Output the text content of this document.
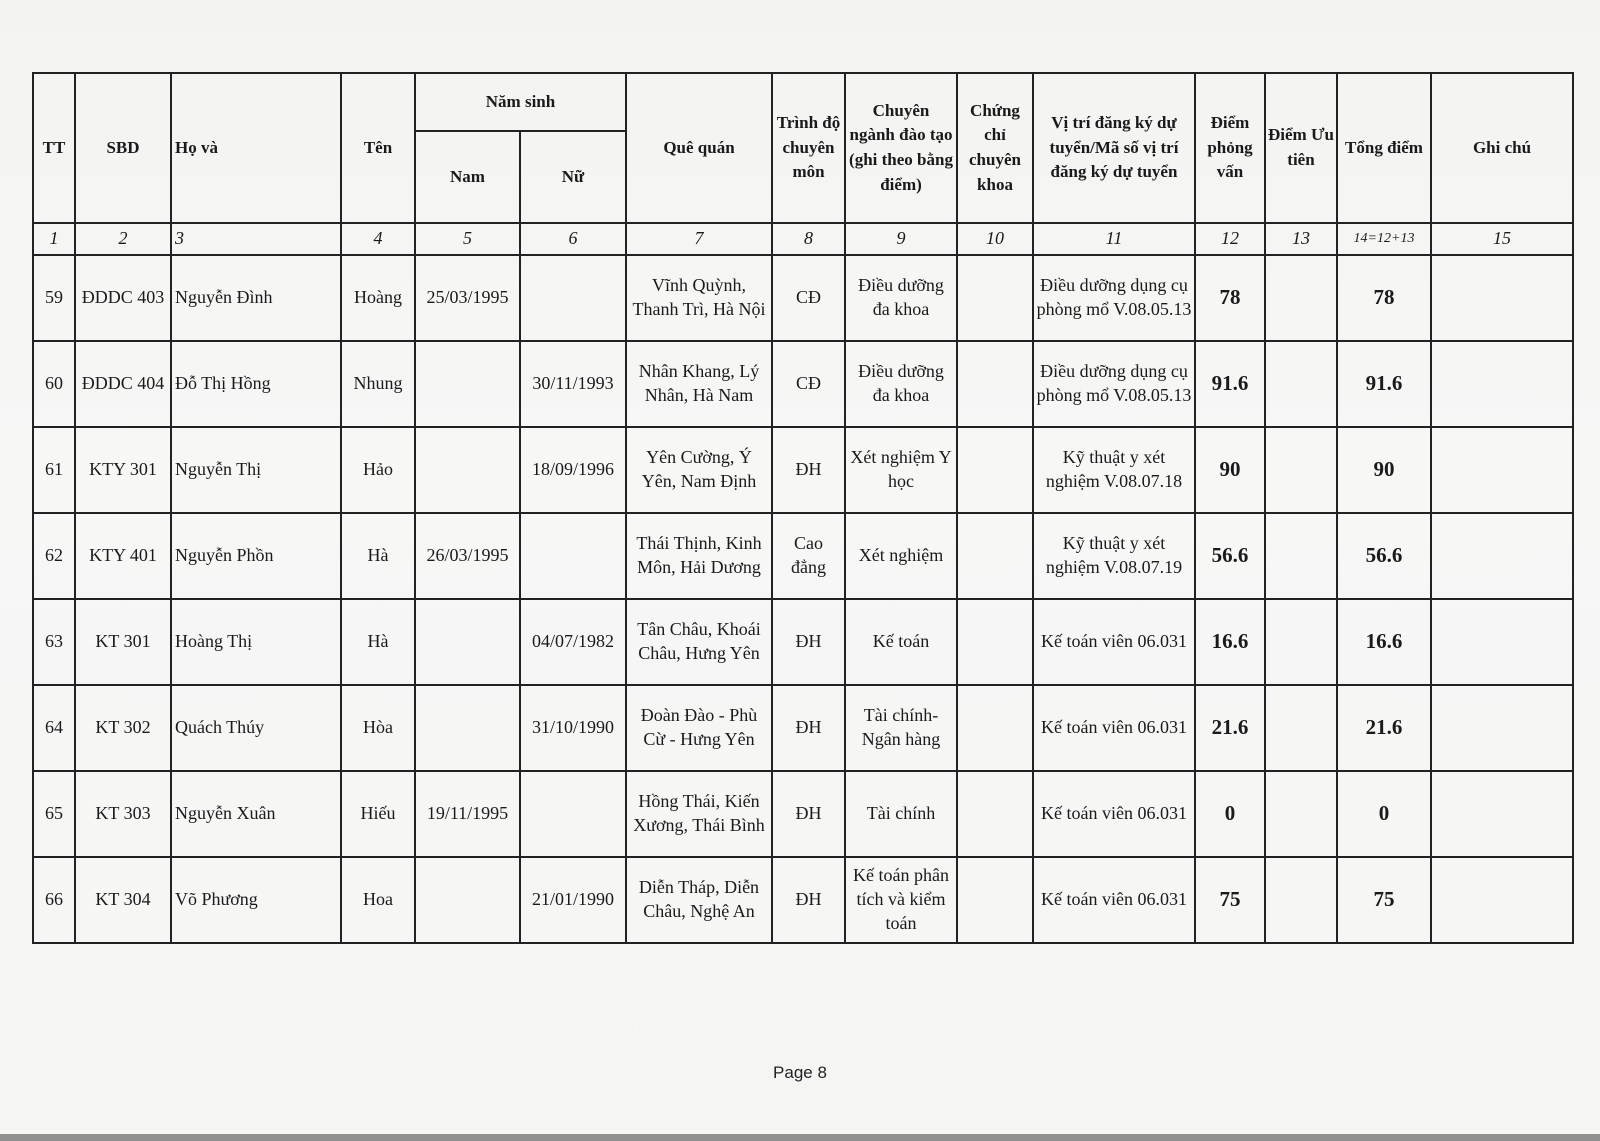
TT	SBD	Họ và	Tên	Năm sinh		Quê quán	Trình độ chuyên môn	Chuyên ngành đào tạo (ghi theo bằng điểm)	Chứng chỉ chuyên khoa	Vị trí đăng ký dự tuyển/Mã số vị trí đăng ký dự tuyển	Điểm phỏng vấn	Điểm Ưu tiên	Tổng điểm	Ghi chú
				Nam	Nữ									
1	2	3	4	5	6	7	8	9	10	11	12	13	14=12+13	15
59	ĐDDC 403	Nguyễn Đình	Hoàng	25/03/1995		Vĩnh Quỳnh, Thanh Trì, Hà Nội	CĐ	Điều dưỡng đa khoa		Điều dưỡng dụng cụ phòng mổ V.08.05.13	78		78	
60	ĐDDC 404	Đỗ Thị Hồng	Nhung		30/11/1993	Nhân Khang, Lý Nhân, Hà Nam	CĐ	Điều dưỡng đa khoa		Điều dưỡng dụng cụ phòng mổ V.08.05.13	91.6		91.6	
61	KTY 301	Nguyễn Thị	Hảo		18/09/1996	Yên Cường, Ý Yên, Nam Định	ĐH	Xét nghiệm Y học		Kỹ thuật y xét nghiệm V.08.07.18	90		90	
62	KTY 401	Nguyễn Phồn	Hà	26/03/1995		Thái Thịnh, Kinh Môn, Hải Dương	Cao đẳng	Xét nghiệm		Kỹ thuật y xét nghiệm V.08.07.19	56.6		56.6	
63	KT 301	Hoàng Thị	Hà		04/07/1982	Tân Châu, Khoái Châu, Hưng Yên	ĐH	Kế toán		Kế toán viên 06.031	16.6		16.6	
64	KT 302	Quách Thúy	Hòa		31/10/1990	Đoàn Đào - Phù Cừ - Hưng Yên	ĐH	Tài chính-Ngân hàng		Kế toán viên 06.031	21.6		21.6	
65	KT 303	Nguyễn Xuân	Hiếu	19/11/1995		Hồng Thái, Kiến Xương, Thái Bình	ĐH	Tài chính		Kế toán viên 06.031	0		0	
66	KT 304	Võ Phương	Hoa		21/01/1990	Diễn Tháp, Diễn Châu, Nghệ An	ĐH	Kế toán phân tích và kiểm toán		Kế toán viên 06.031	75		75	
Page 8
